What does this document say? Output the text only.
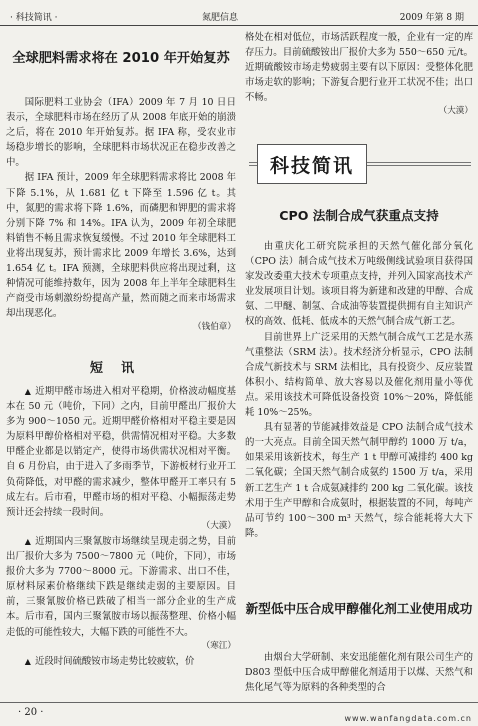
· 科技简讯 ·	氮肥信息	2009 年第 8 期
全球肥料需求将在 2010 年开始复苏

国际肥料工业协会（IFA）2009 年 7 月 10 日日表示，全球肥料市场在经历了从 2008 年底开始的崩溃之后，将在 2010 年开始复苏。据 IFA 称，受农业市场稳步增长的影响，全球肥料市场状况正在稳步改善之中。

据 IFA 预计，2009 年全球肥料需求将比 2008 年下降 5.1%，从 1.681 亿 t 下降至 1.596 亿 t。其中，氮肥的需求将下降 1.6%，而磷肥和钾肥的需求将分别下降 7% 和 14%。IFA 认为，2009 年初全球肥料销售不畅且需求恢复缓慢。不过 2010 年全球肥料工业将出现复苏，预计需求比 2009 年增长 3.6%，达到 1.654 亿 t。IFA 预测，全球肥料供应将出现过剩，这种情况可能维持数年，因为 2008 年上半年全球肥料生产商受市场刺激纷纷提高产量，然而随之而来市场需求却出现恶化。

（钱伯章）

短讯

▲ 近期甲醛市场进入相对平稳期，价格波动幅度基本在 50 元（吨价，下同）之内，目前甲醛出厂报价大多为 900～1050 元。近期甲醛价格相对平稳主要是因为原料甲醇价格相对平稳，供需情况相对平稳。大多数甲醛企业都是以销定产，使得市场供需状况相对平衡。自 6 月份启，由于进入了多雨季节，下游板材行业开工负荷降低，对甲醛的需求减少，整体甲醛开工率只有 5 成左右。后市看，甲醛市场的相对平稳、小幅振荡走势预计还会持续一段时间。

（大漠）

▲ 近期国内三聚氰胺市场继续呈现走弱之势，目前出厂报价大多为 7500～7800 元（吨价，下同），市场报价大多为 7700～8000 元。下游需求、出口不佳，原材料尿素价格继续下跌是继续走弱的主要原因。目前，三聚氰胺价格已跌破了相当一部分企业的生产成本。后市看，国内三聚氰胺市场以振荡整理、价格小幅走低的可能性较大，大幅下跌的可能性不大。

（寒江）

▲ 近段时间硫酸铵市场走势比较疲软，价

格处在相对低位，市场活跃程度一般，企业有一定的库存压力。目前硫酸铵出厂报价大多为 550～650 元/t。近期硫酸铵市场走势疲弱主要有以下原因：受整体化肥市场走软的影响；下游复合肥行业开工状况不佳；出口不畅。

（大漠）

科技简讯
CPO 法制合成气获重点支持

由重庆化工研究院承担的天然气催化部分氧化（CPO 法）制合成气技术万吨级侧线试验项目获得国家发改委重大技术专项重点支持，并列入国家高技术产业发展项目计划。该项目将为新建和改建的甲醇、合成氨、二甲醚、制氢、合成油等装置提供拥有自主知识产权的高效、低耗、低成本的天然气制合成气新工艺。

目前世界上广泛采用的天然气制合成气工艺是水蒸气重整法（SRM 法）。技术经济分析显示，CPO 法制合成气新技术与 SRM 法相比，具有投资少、反应装置体积小、结构简单、放大容易以及催化剂用量小等优点。采用该技术可降低设备投资 10%～20%，降低能耗 10%～25%。

具有显著的节能减排效益是 CPO 法制合成气技术的一大亮点。目前全国天然气制甲醇约 1000 万 t/a，如果采用该新技术，每生产 1 t 甲醇可减排约 400 kg 二氧化碳；全国天然气制合成氨约 1500 万 t/a，采用新工艺生产 1 t 合成氨减排约 200 kg 二氧化碳。该技术用于生产甲醇和合成氨时，根据装置的不同，每吨产品可节约 100～300 m³ 天然气，综合能耗将大大下降。

新型低中压合成甲醇催化剂工业使用成功

由烟台大学研制、来安迅能催化剂有限公司生产的 D803 型低中压合成甲醇催化剂适用于以煤、天然气和焦化尾气等为原料的各种类型的合

· 20 ·
www.wanfangdata.com.cn
